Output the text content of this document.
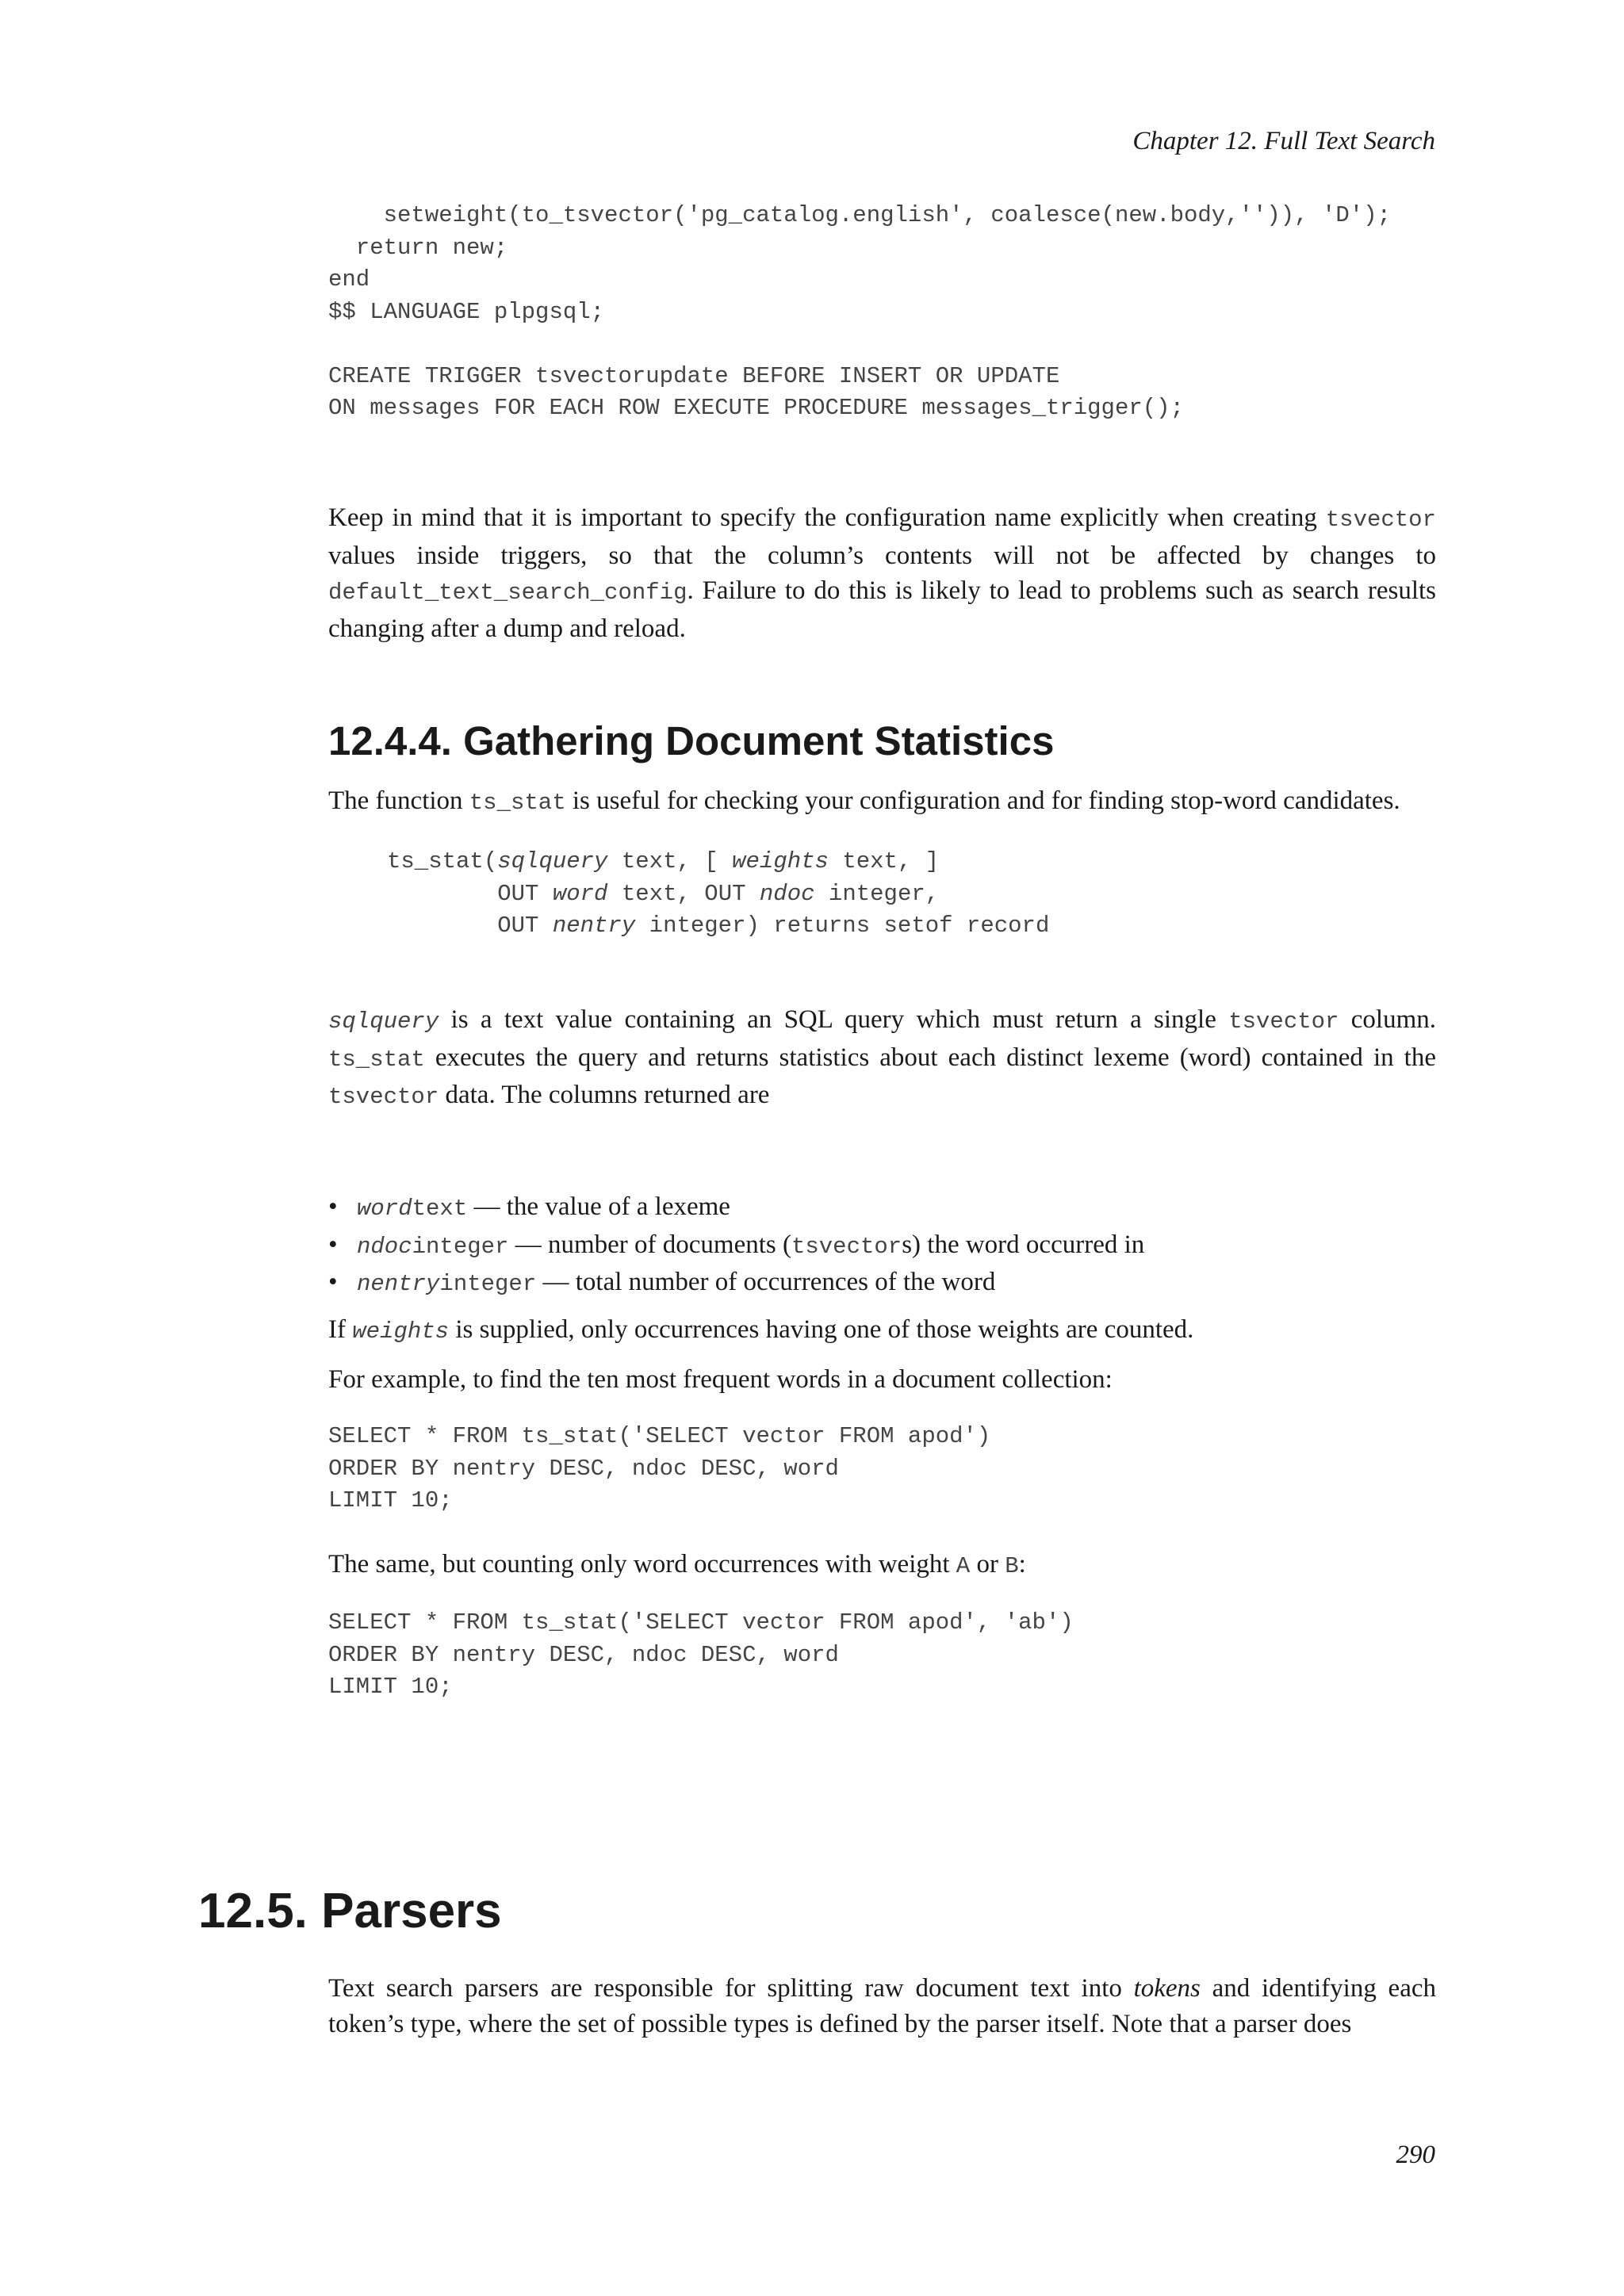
Chapter 12. Full Text Search
setweight(to_tsvector('pg_catalog.english', coalesce(new.body,'')), 'D');
return new;
end
$$ LANGUAGE plpgsql;

CREATE TRIGGER tsvectorupdate BEFORE INSERT OR UPDATE
ON messages FOR EACH ROW EXECUTE PROCEDURE messages_trigger();

Keep in mind that it is important to specify the configuration name explicitly when creating tsvector values inside triggers, so that the column’s contents will not be affected by changes to default_text_search_config. Failure to do this is likely to lead to problems such as search results changing after a dump and reload.

12.4.4. Gathering Document Statistics

The function ts_stat is useful for checking your configuration and for finding stop-word candidates.

ts_stat(sqlquery text, [ weights text, ]
OUT word text, OUT ndoc integer,
OUT nentry integer) returns setof record

sqlquery is a text value containing an SQL query which must return a single tsvector column. ts_stat executes the query and returns statistics about each distinct lexeme (word) contained in the tsvector data. The columns returned are

• wordtext — the value of a lexeme
• ndocinteger — number of documents (tsvectors) the word occurred in
• nentryinteger — total number of occurrences of the word

If weights is supplied, only occurrences having one of those weights are counted.

For example, to find the ten most frequent words in a document collection:

SELECT * FROM ts_stat('SELECT vector FROM apod')
ORDER BY nentry DESC, ndoc DESC, word
LIMIT 10;

The same, but counting only word occurrences with weight A or B:

SELECT * FROM ts_stat('SELECT vector FROM apod', 'ab')
ORDER BY nentry DESC, ndoc DESC, word
LIMIT 10;
12.5. Parsers

Text search parsers are responsible for splitting raw document text into tokens and identifying each token’s type, where the set of possible types is defined by the parser itself. Note that a parser does

290
